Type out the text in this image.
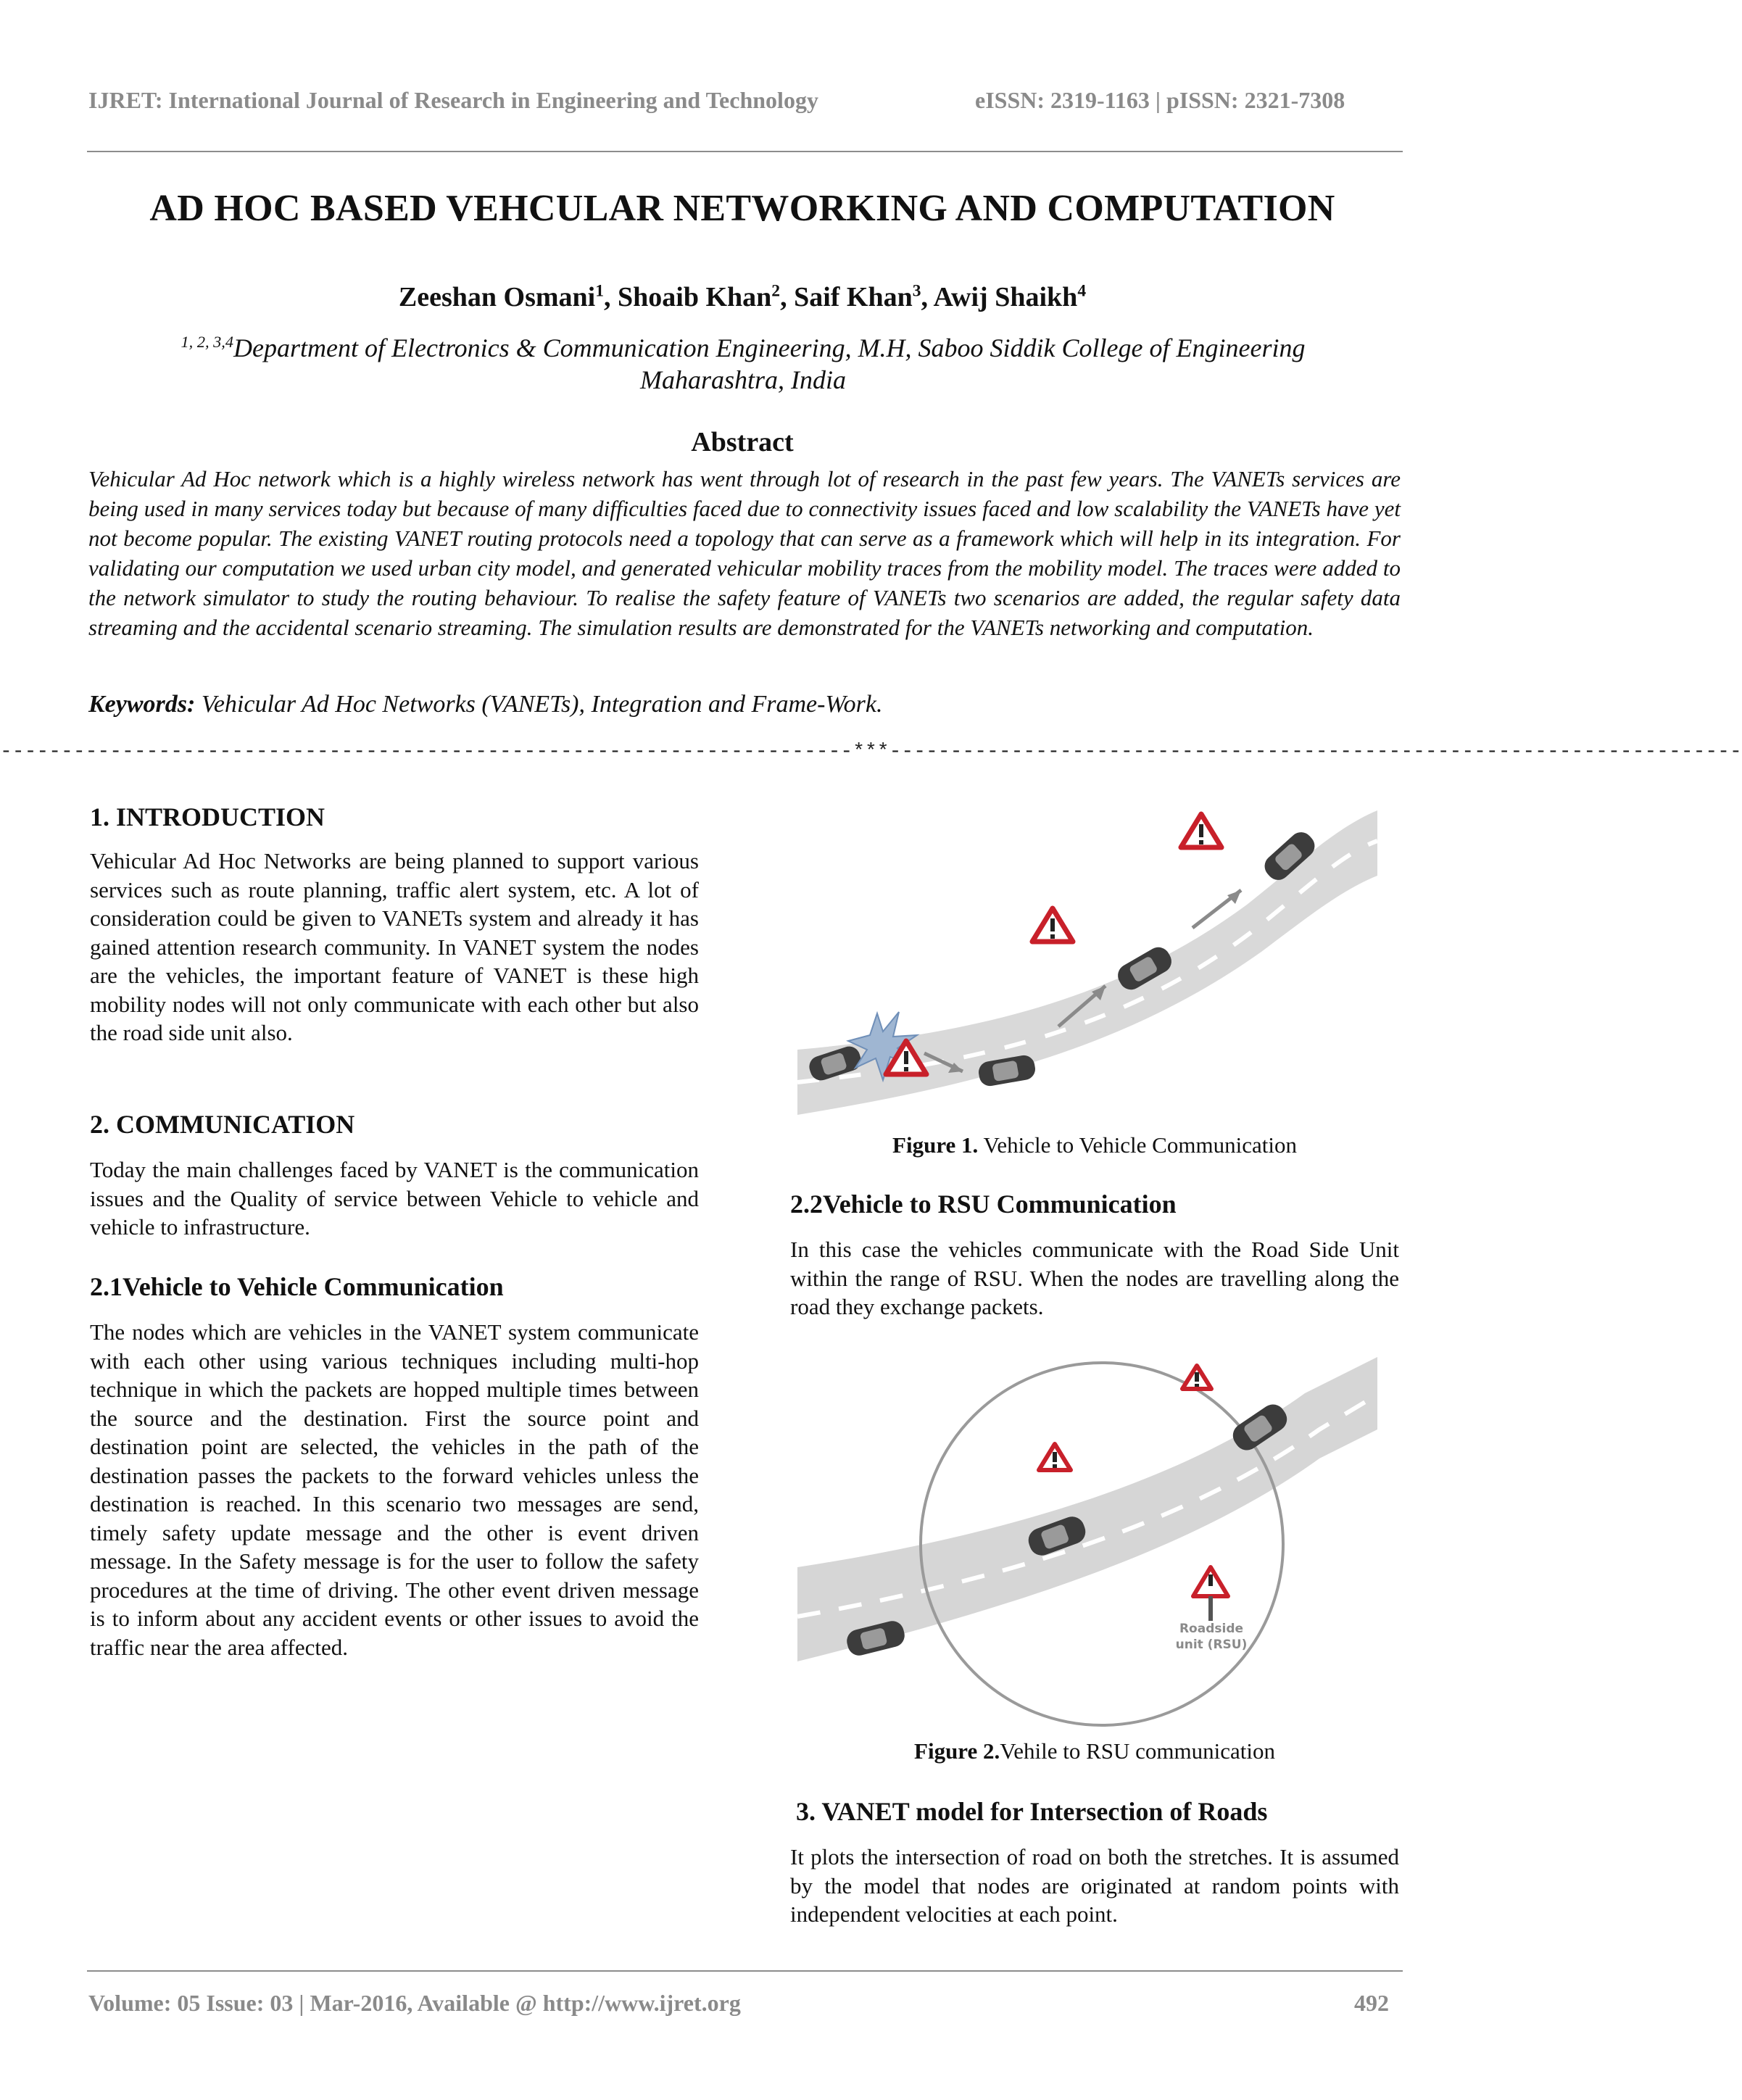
IJRET: International Journal of Research in Engineering and Technology	eISSN: 2319-1163 | pISSN: 2321-7308
AD HOC BASED VEHCULAR NETWORKING AND COMPUTATION
Zeeshan Osmani$^1$, Shoaib Khan$^2$, Saif Khan$^3$, Awij Shaikh$^4$
$^{1, 2, 3,4}$Department of Electronics & Communication Engineering, M.H, Saboo Siddik College of Engineering
Maharashtra, India
Abstract
Vehicular Ad Hoc network which is a highly wireless network has went through lot of research in the past few years. The VANETs services are being used in many services today but because of many difficulties faced due to connectivity issues faced and low scalability the VANETs have yet not become popular. The existing VANET routing protocols need a topology that can serve as a framework which will help in its integration. For validating our computation we used urban city model, and generated vehicular mobility traces from the mobility model. The traces were added to the network simulator to study the routing behaviour. To realise the safety feature of VANETs two scenarios are added, the regular safety data streaming and the accidental scenario streaming. The simulation results are demonstrated for the VANETs networking and computation.
Keywords: Vehicular Ad Hoc Networks (VANETs), Integration and Frame-Work.
----------------------------------------------------------------------***----------------------------------------------------------------------
1. INTRODUCTION
Vehicular Ad Hoc Networks are being planned to support various services such as route planning, traffic alert system, etc. A lot of consideration could be given to VANETs system and already it has gained attention research community. In VANET system the nodes are the vehicles, the important feature of VANET is these high mobility nodes will not only communicate with each other but also the road side unit also.
2. COMMUNICATION
Today the main challenges faced by VANET is the communication issues and the Quality of service between Vehicle to vehicle and vehicle to infrastructure.
2.1Vehicle to Vehicle Communication
The nodes which are vehicles in the VANET system communicate with each other using various techniques including multi-hop technique in which the packets are hopped multiple times between the source and the destination. First the source point and destination point are selected, the vehicles in the path of the destination passes the packets to the forward vehicles unless the destination is reached. In this scenario two messages are send, timely safety update message and the other is event driven message. In the Safety message is for the user to follow the safety procedures at the time of driving. The other event driven message is to inform about any accident events or other issues to avoid the traffic near the area affected.
Figure 1. Vehicle to Vehicle Communication
2.2Vehicle to RSU Communication
In this case the vehicles communicate with the Road Side Unit within the range of RSU. When the nodes are travelling along the road they exchange packets.
Roadside
unit (RSU)
Figure 2.Vehile to RSU communication
3. VANET model for Intersection of Roads
It plots the intersection of road on both the stretches. It is assumed by the model that nodes are originated at random points with independent velocities at each point.
Volume: 05 Issue: 03 | Mar-2016, Available @ http://www.ijret.org	492
